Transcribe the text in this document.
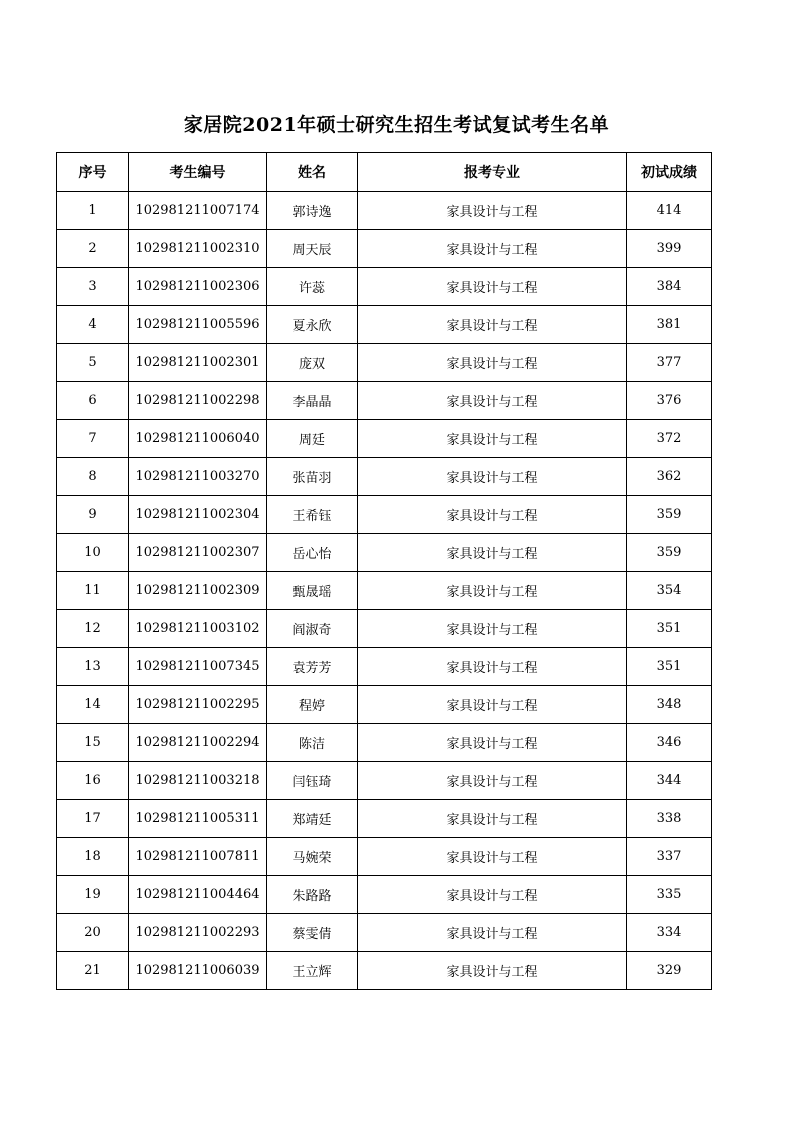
家居院2021年硕士研究生招生考试复试考生名单
序号	考生编号	姓名	报考专业	初试成绩
1	102981211007174	郭诗逸	家具设计与工程	414
2	102981211002310	周天辰	家具设计与工程	399
3	102981211002306	许蕊	家具设计与工程	384
4	102981211005596	夏永欣	家具设计与工程	381
5	102981211002301	庞双	家具设计与工程	377
6	102981211002298	李晶晶	家具设计与工程	376
7	102981211006040	周廷	家具设计与工程	372
8	102981211003270	张苗羽	家具设计与工程	362
9	102981211002304	王希钰	家具设计与工程	359
10	102981211002307	岳心怡	家具设计与工程	359
11	102981211002309	甄晟瑶	家具设计与工程	354
12	102981211003102	阎淑奇	家具设计与工程	351
13	102981211007345	袁芳芳	家具设计与工程	351
14	102981211002295	程婷	家具设计与工程	348
15	102981211002294	陈洁	家具设计与工程	346
16	102981211003218	闫钰琦	家具设计与工程	344
17	102981211005311	郑靖廷	家具设计与工程	338
18	102981211007811	马婉荣	家具设计与工程	337
19	102981211004464	朱路路	家具设计与工程	335
20	102981211002293	蔡雯倩	家具设计与工程	334
21	102981211006039	王立辉	家具设计与工程	329
